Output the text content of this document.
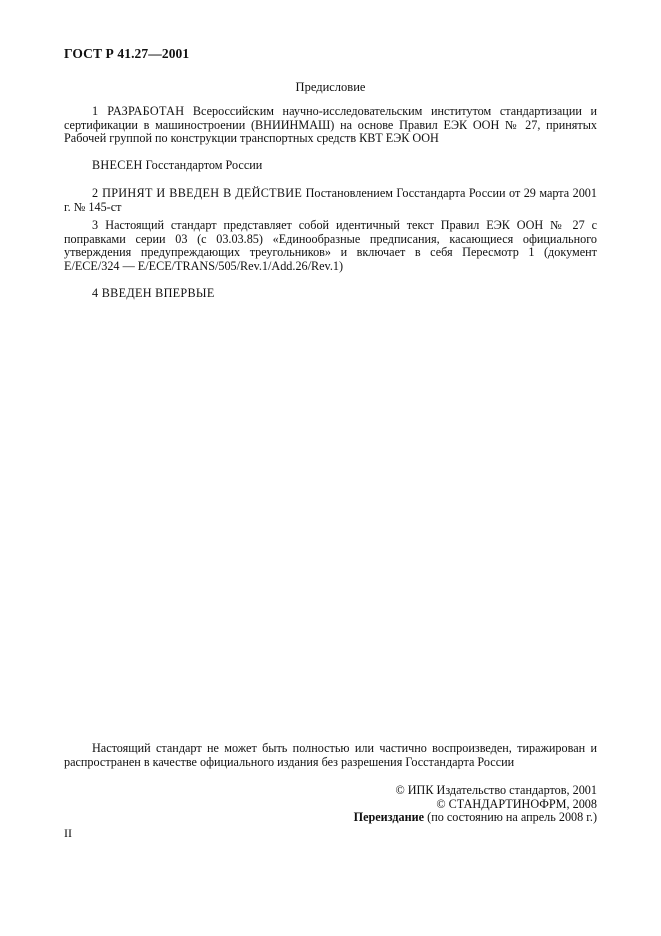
ГОСТ Р 41.27—2001
Предисловие
1 РАЗРАБОТАН Всероссийским научно-исследовательским институтом стандартизации и сертификации в машиностроении (ВНИИНМАШ) на основе Правил ЕЭК ООН № 27, принятых Рабочей группой по конструкции транспортных средств КВТ ЕЭК ООН
ВНЕСЕН Госстандартом России
2 ПРИНЯТ И ВВЕДЕН В ДЕЙСТВИЕ Постановлением Госстандарта России от 29 марта 2001 г. № 145-ст
3 Настоящий стандарт представляет собой идентичный текст Правил ЕЭК ООН № 27 с поправками серии 03 (с 03.03.85) «Единообразные предписания, касающиеся официального утверждения предупреждающих треугольников» и включает в себя Пересмотр 1 (документ E/ECE/324 — E/ECE/TRANS/505/Rev.1/Add.26/Rev.1)
4 ВВЕДЕН ВПЕРВЫЕ
Настоящий стандарт не может быть полностью или частично воспроизведен, тиражирован и распространен в качестве официального издания без разрешения Госстандарта России
© ИПК Издательство стандартов, 2001
© СТАНДАРТИНОФРМ, 2008
Переиздание (по состоянию на апрель 2008 г.)
II
